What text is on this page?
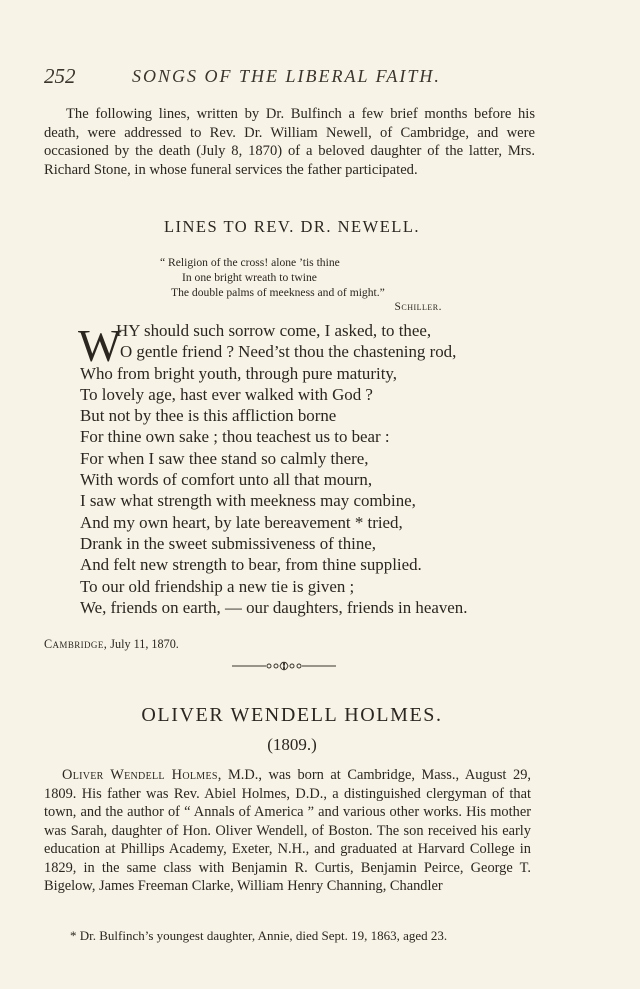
252	SONGS OF THE LIBERAL FAITH.

The following lines, written by Dr. Bulfinch a few brief months before his death, were addressed to Rev. Dr. William Newell, of Cambridge, and were occasioned by the death (July 8, 1870) of a beloved daughter of the latter, Mrs. Richard Stone, in whose funeral services the father participated.

LINES TO REV. DR. NEWELL.
“ Religion of the cross! alone ’tis thine
In one bright wreath to twine
The double palms of meekness and of might.”
Schiller.
W
HY should such sorrow come, I asked, to thee,
O gentle friend ? Need’st thou the chastening rod,
Who from bright youth, through pure maturity,
To lovely age, hast ever walked with God ?
But not by thee is this affliction borne
For thine own sake ; thou teachest us to bear :
For when I saw thee stand so calmly there,
With words of comfort unto all that mourn,
I saw what strength with meekness may combine,
And my own heart, by late bereavement * tried,
Drank in the sweet submissiveness of thine,
And felt new strength to bear, from thine supplied.
To our old friendship a new tie is given ;
We, friends on earth, — our daughters, friends in heaven.
Cambridge, July 11, 1870.
OLIVER WENDELL HOLMES.
(1809.)

Oliver Wendell Holmes, M.D., was born at Cambridge, Mass., August 29, 1809. His father was Rev. Abiel Holmes, D.D., a distinguished clergyman of that town, and the author of “ Annals of America ” and various other works. His mother was Sarah, daughter of Hon. Oliver Wendell, of Boston. The son received his early education at Phillips Academy, Exeter, N.H., and graduated at Harvard College in 1829, in the same class with Benjamin R. Curtis, Benjamin Peirce, George T. Bigelow, James Freeman Clarke, William Henry Channing, Chandler

* Dr. Bulfinch’s youngest daughter, Annie, died Sept. 19, 1863, aged 23.
